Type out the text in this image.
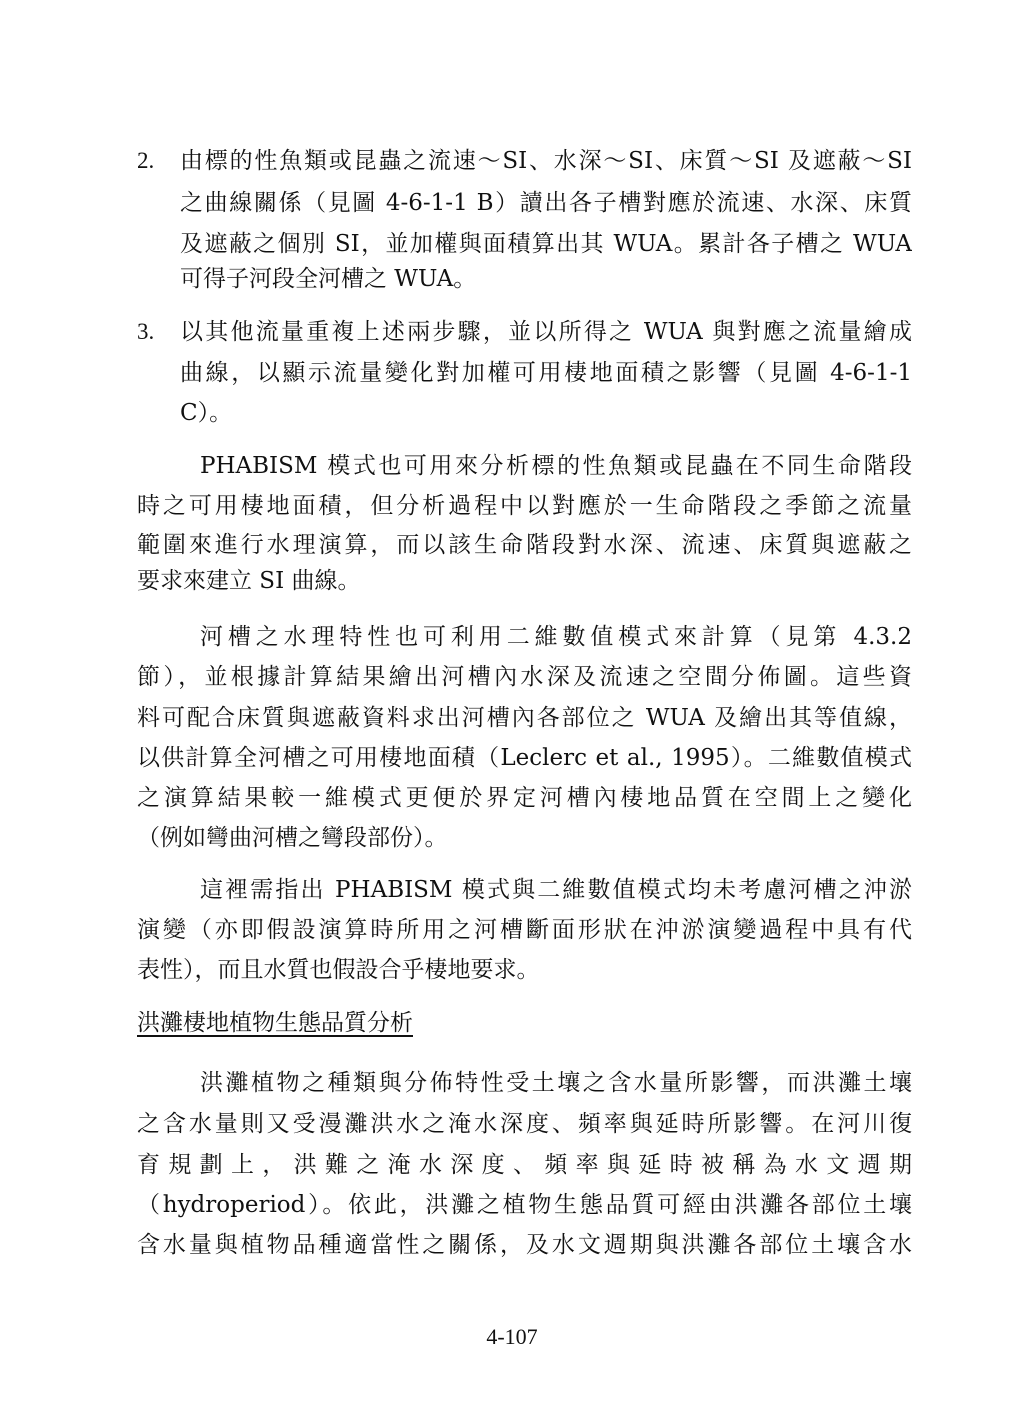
2.	由標的性魚類或昆蟲之流速～SI、水深～SI、床質～SI 及遮蔽～SI
之曲線關係（見圖 4-6-1-1 B）讀出各子槽對應於流速、水深、床質
及遮蔽之個別 SI，並加權與面積算出其 WUA。累計各子槽之 WUA
可得子河段全河槽之 WUA。
3.	以其他流量重複上述兩步驟，並以所得之 WUA 與對應之流量繪成
曲線，以顯示流量變化對加權可用棲地面積之影響（見圖 4-6-1-1
C）。
PHABISM 模式也可用來分析標的性魚類或昆蟲在不同生命階段
時之可用棲地面積，但分析過程中以對應於一生命階段之季節之流量
範圍來進行水理演算，而以該生命階段對水深、流速、床質與遮蔽之
要求來建立 SI 曲線。
河槽之水理特性也可利用二維數值模式來計算（見第 4.3.2
節），並根據計算結果繪出河槽內水深及流速之空間分佈圖。這些資
料可配合床質與遮蔽資料求出河槽內各部位之 WUA 及繪出其等值線，
以供計算全河槽之可用棲地面積（Leclerc et al., 1995）。二維數值模式
之演算結果較一維模式更便於界定河槽內棲地品質在空間上之變化
（例如彎曲河槽之彎段部份）。
這裡需指出 PHABISM 模式與二維數值模式均未考慮河槽之沖淤
演變（亦即假設演算時所用之河槽斷面形狀在沖淤演變過程中具有代
表性），而且水質也假設合乎棲地要求。
洪灘棲地植物生態品質分析
洪灘植物之種類與分佈特性受土壤之含水量所影響，而洪灘土壤
之含水量則又受漫灘洪水之淹水深度、頻率與延時所影響。在河川復
育規劃上，洪難之淹水深度、頻率與延時被稱為水文週期
（hydroperiod）。依此，洪灘之植物生態品質可經由洪灘各部位土壤
含水量與植物品種適當性之關係，及水文週期與洪灘各部位土壤含水
4-107
